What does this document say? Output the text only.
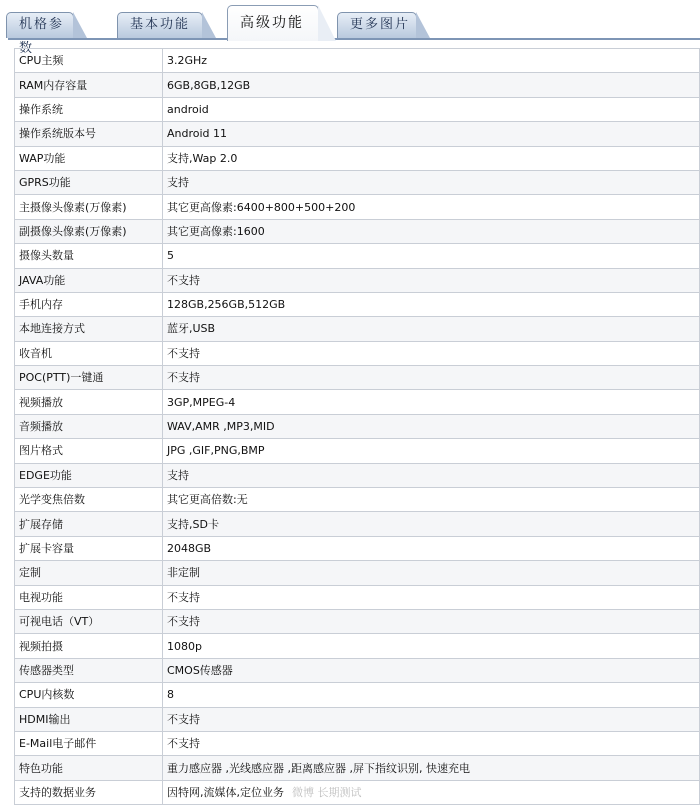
机格参数
基本功能	更多图片
高级功能
CPU主频	3.2GHz
RAM内存容量	6GB,8GB,12GB
操作系统	android
操作系统版本号	Android 11
WAP功能	支持,Wap 2.0
GPRS功能	支持
主摄像头像素(万像素)	其它更高像素:6400+800+500+200
副摄像头像素(万像素)	其它更高像素:1600
摄像头数量	5
JAVA功能	不支持
手机内存	128GB,256GB,512GB
本地连接方式	蓝牙,USB
收音机	不支持
POC(PTT)一键通	不支持
视频播放	3GP,MPEG-4
音频播放	WAV,AMR ,MP3,MID
图片格式	JPG ,GIF,PNG,BMP
EDGE功能	支持
光学变焦倍数	其它更高倍数:无
扩展存储	支持,SD卡
扩展卡容量	2048GB
定制	非定制
电视功能	不支持
可视电话（VT）	不支持
视频拍摄	1080p
传感器类型	CMOS传感器
CPU内核数	8
HDMI输出	不支持
E-Mail电子邮件	不支持
特色功能	重力感应器 ,光线感应器 ,距离感应器 ,屏下指纹识别, 快速充电
支持的数据业务	因特网,流媒体,定位业务 微博 长期测试
